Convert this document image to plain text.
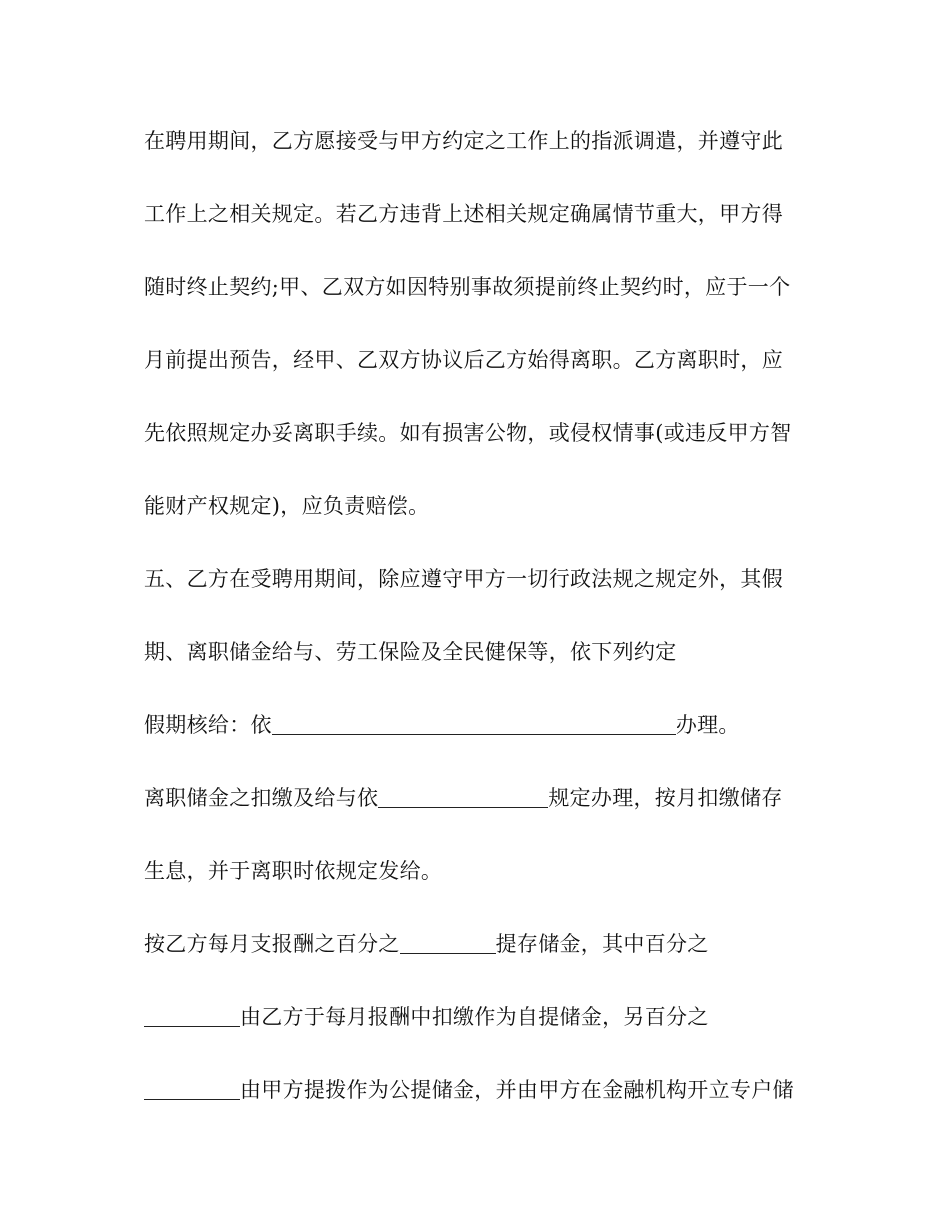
在聘用期间，乙方愿接受与甲方约定之工作上的指派调遣，并遵守此
工作上之相关规定。若乙方违背上述相关规定确属情节重大，甲方得
随时终止契约;甲、乙双方如因特别事故须提前终止契约时，应于一个
月前提出预告，经甲、乙双方协议后乙方始得离职。乙方离职时，应
先依照规定办妥离职手续。如有损害公物，或侵权情事(或违反甲方智
能财产权规定)，应负责赔偿。
五、乙方在受聘用期间，除应遵守甲方一切行政法规之规定外，其假
期、离职储金给与、劳工保险及全民健保等，依下列约定
假期核给：依	办理。
离职储金之扣缴及给与依	规定办理，按月扣缴储存
生息，并于离职时依规定发给。
按乙方每月支报酬之百分之	提存储金，其中百分之
由乙方于每月报酬中扣缴作为自提储金，另百分之
由甲方提拨作为公提储金，并由甲方在金融机构开立专户储
